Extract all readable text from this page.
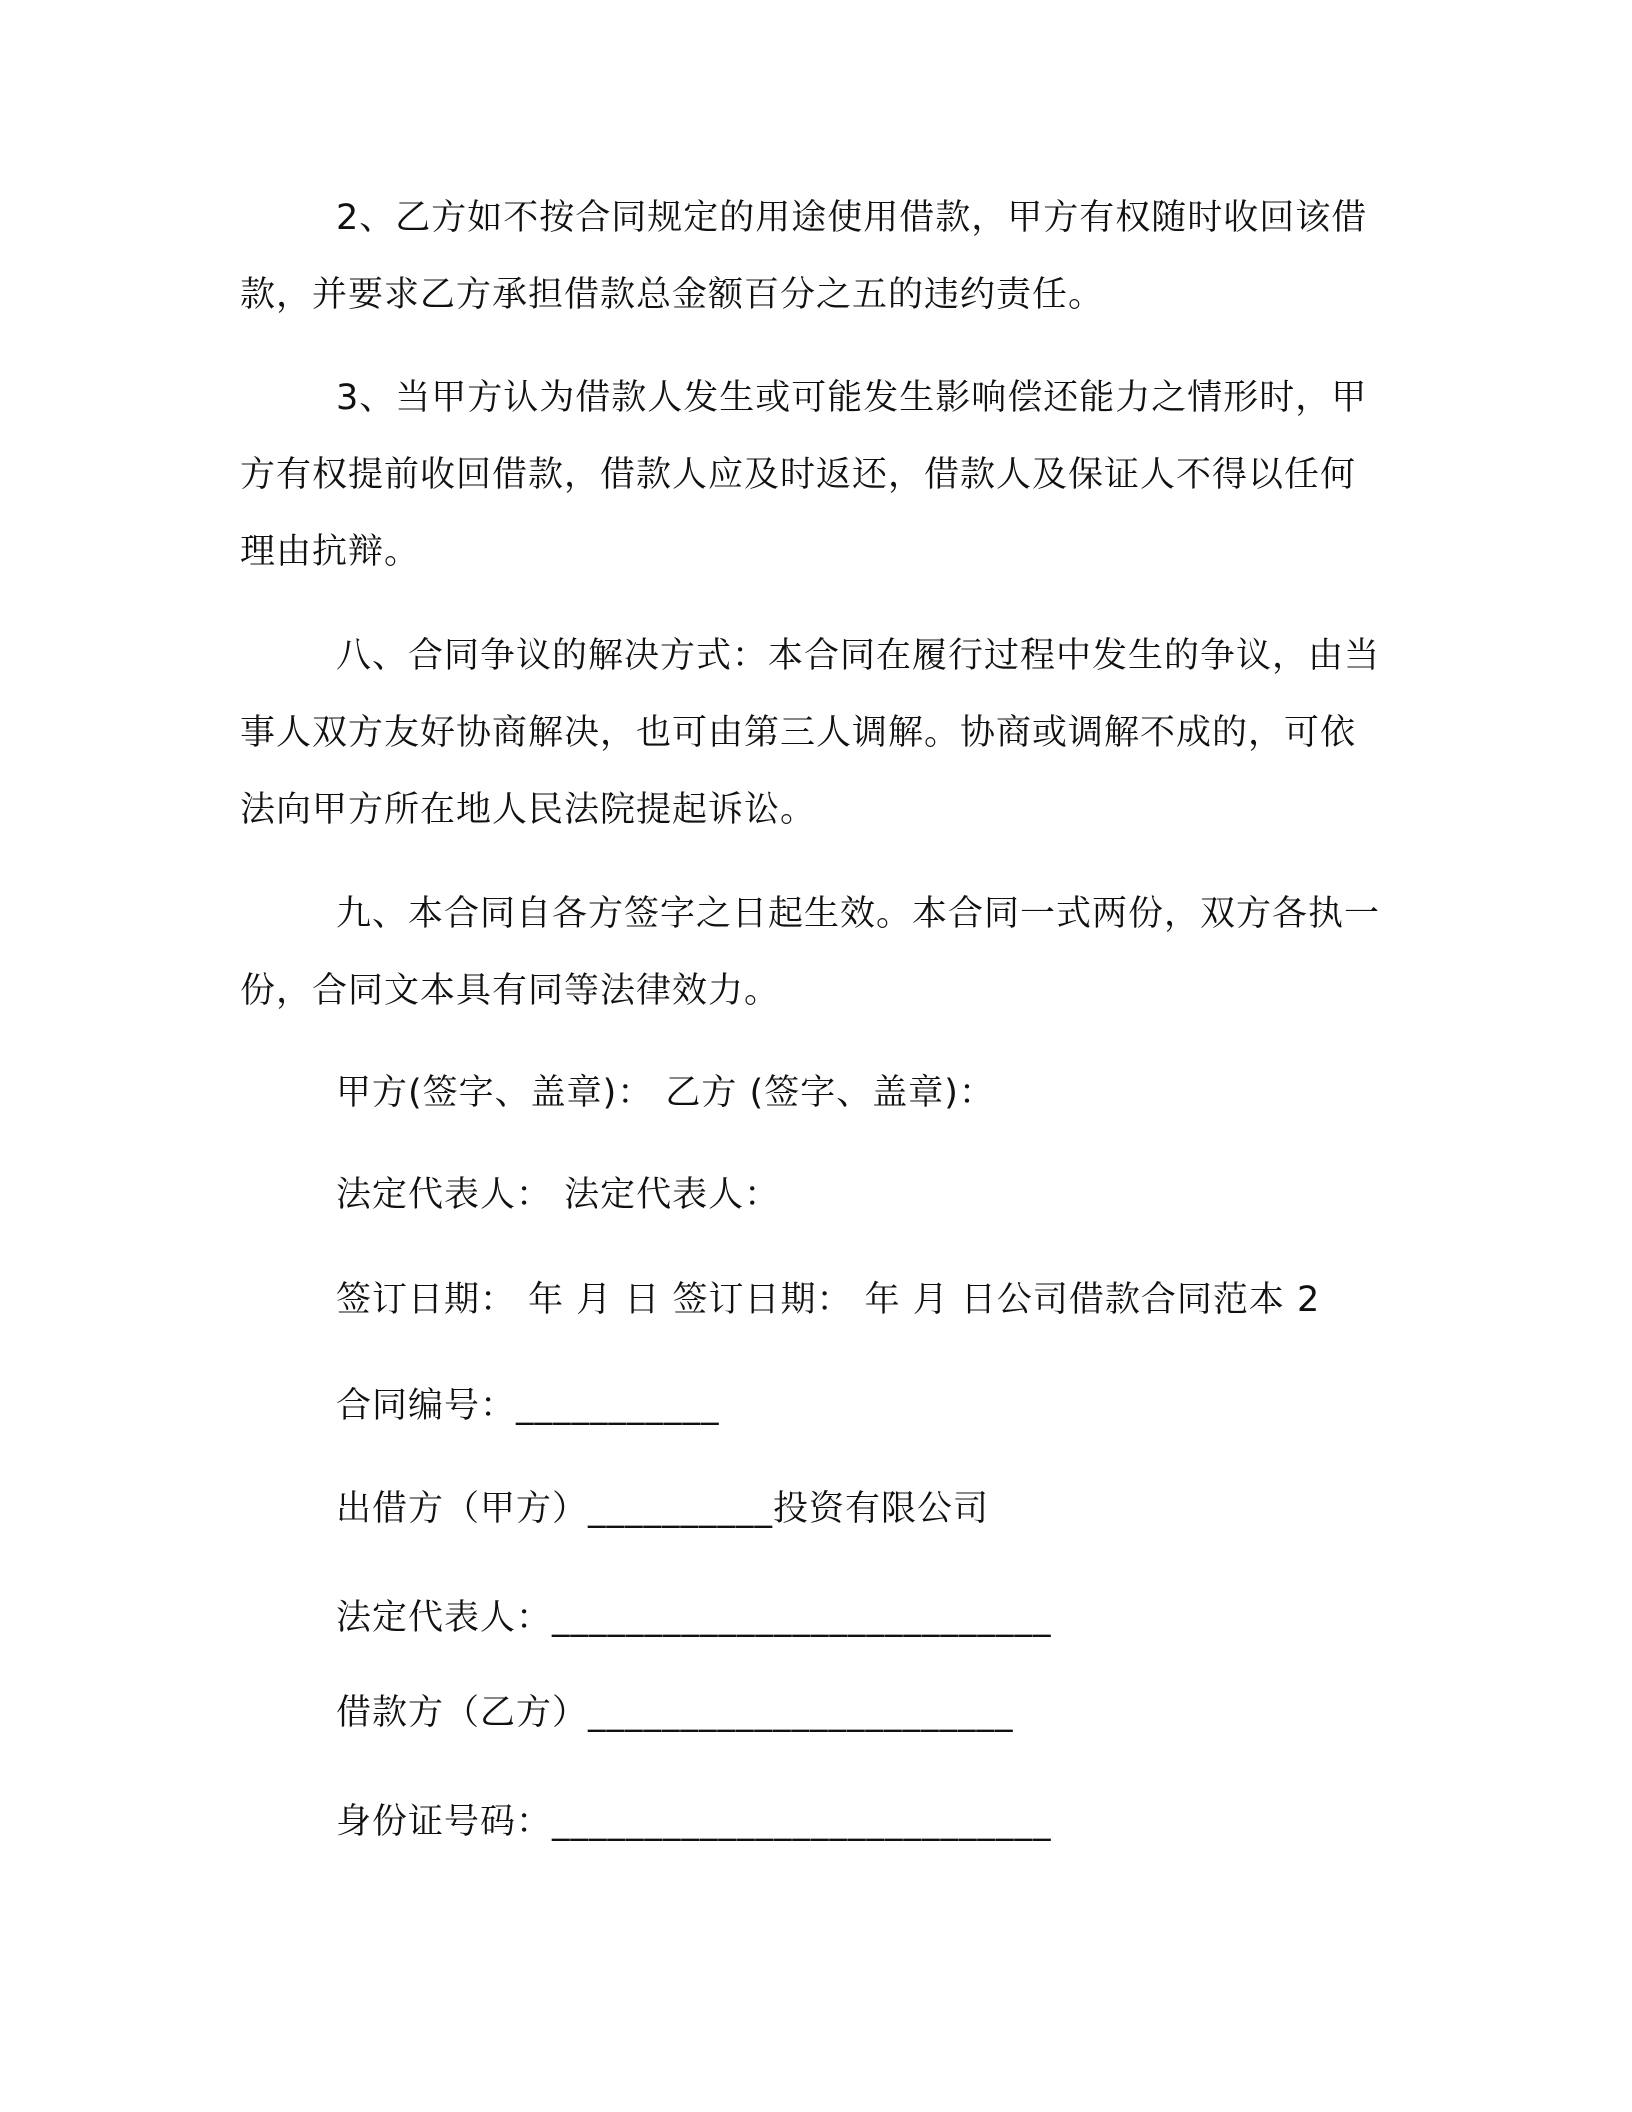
2、乙方如不按合同规定的用途使用借款，甲方有权随时收回该借款，并要求乙方承担借款总金额百分之五的违约责任。

3、当甲方认为借款人发生或可能发生影响偿还能力之情形时，甲方有权提前收回借款，借款人应及时返还，借款人及保证人不得以任何理由抗辩。

八、合同争议的解决方式：本合同在履行过程中发生的争议，由当事人双方友好协商解决，也可由第三人调解。协商或调解不成的，可依法向甲方所在地人民法院提起诉讼。

九、本合同自各方签字之日起生效。本合同一式两份，双方各执一份，合同文本具有同等法律效力。

甲方(签字、盖章)： 乙方 (签字、盖章)：

法定代表人： 法定代表人：

签订日期： 年 月 日 签订日期： 年 月 日公司借款合同范本 2

合同编号：___________

出借方（甲方）__________投资有限公司

法定代表人：___________________________

借款方（乙方）_______________________

身份证号码：___________________________
